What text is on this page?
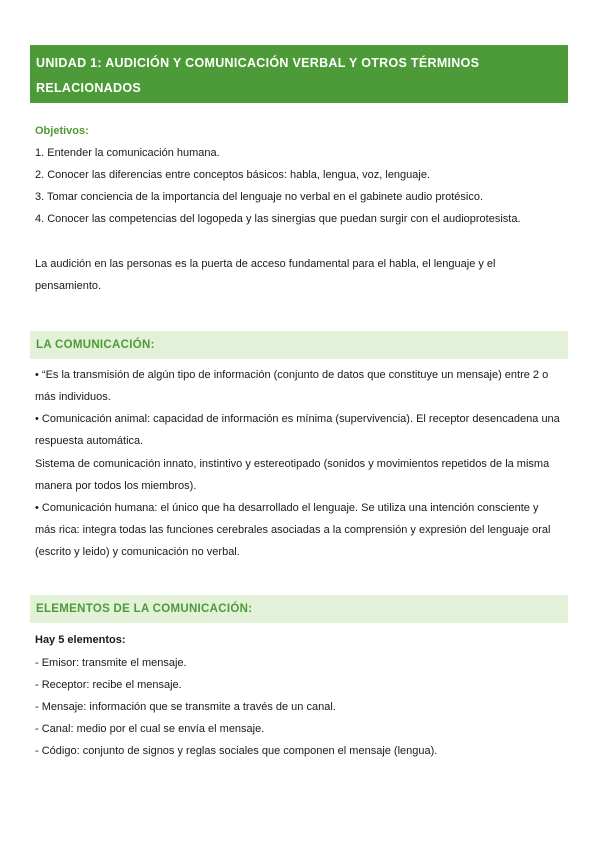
UNIDAD 1: AUDICIÓN Y COMUNICACIÓN VERBAL Y OTROS TÉRMINOS
RELACIONADOS
Objetivos:
1. Entender la comunicación humana.
2. Conocer las diferencias entre conceptos básicos: habla, lengua, voz, lenguaje.
3. Tomar conciencia de la importancia del lenguaje no verbal en el gabinete audio protésico.
4. Conocer las competencias del logopeda y las sinergias que puedan surgir con el audioprotesista.
La audición en las personas es la puerta de acceso fundamental para el habla, el lenguaje y el
pensamiento.
LA COMUNICACIÓN:
• “Es la transmisión de algún tipo de información (conjunto de datos que constituye un mensaje) entre 2 o
más individuos.
• Comunicación animal: capacidad de información es mínima (supervivencia). El receptor desencadena una
respuesta automática.
Sistema de comunicación innato, instintivo y estereotipado (sonidos y movimientos repetidos de la misma
manera por todos los miembros).
• Comunicación humana: el único que ha desarrollado el lenguaje. Se utiliza una intención consciente y
más rica: integra todas las funciones cerebrales asociadas a la comprensión y expresión del lenguaje oral
(escrito y leido) y comunicación no verbal.
ELEMENTOS DE LA COMUNICACIÓN:
Hay 5 elementos:
- Emisor: transmite el mensaje.
- Receptor: recibe el mensaje.
- Mensaje: información que se transmite a través de un canal.
- Canal: medio por el cual se envía el mensaje.
- Código: conjunto de signos y reglas sociales que componen el mensaje (lengua).
